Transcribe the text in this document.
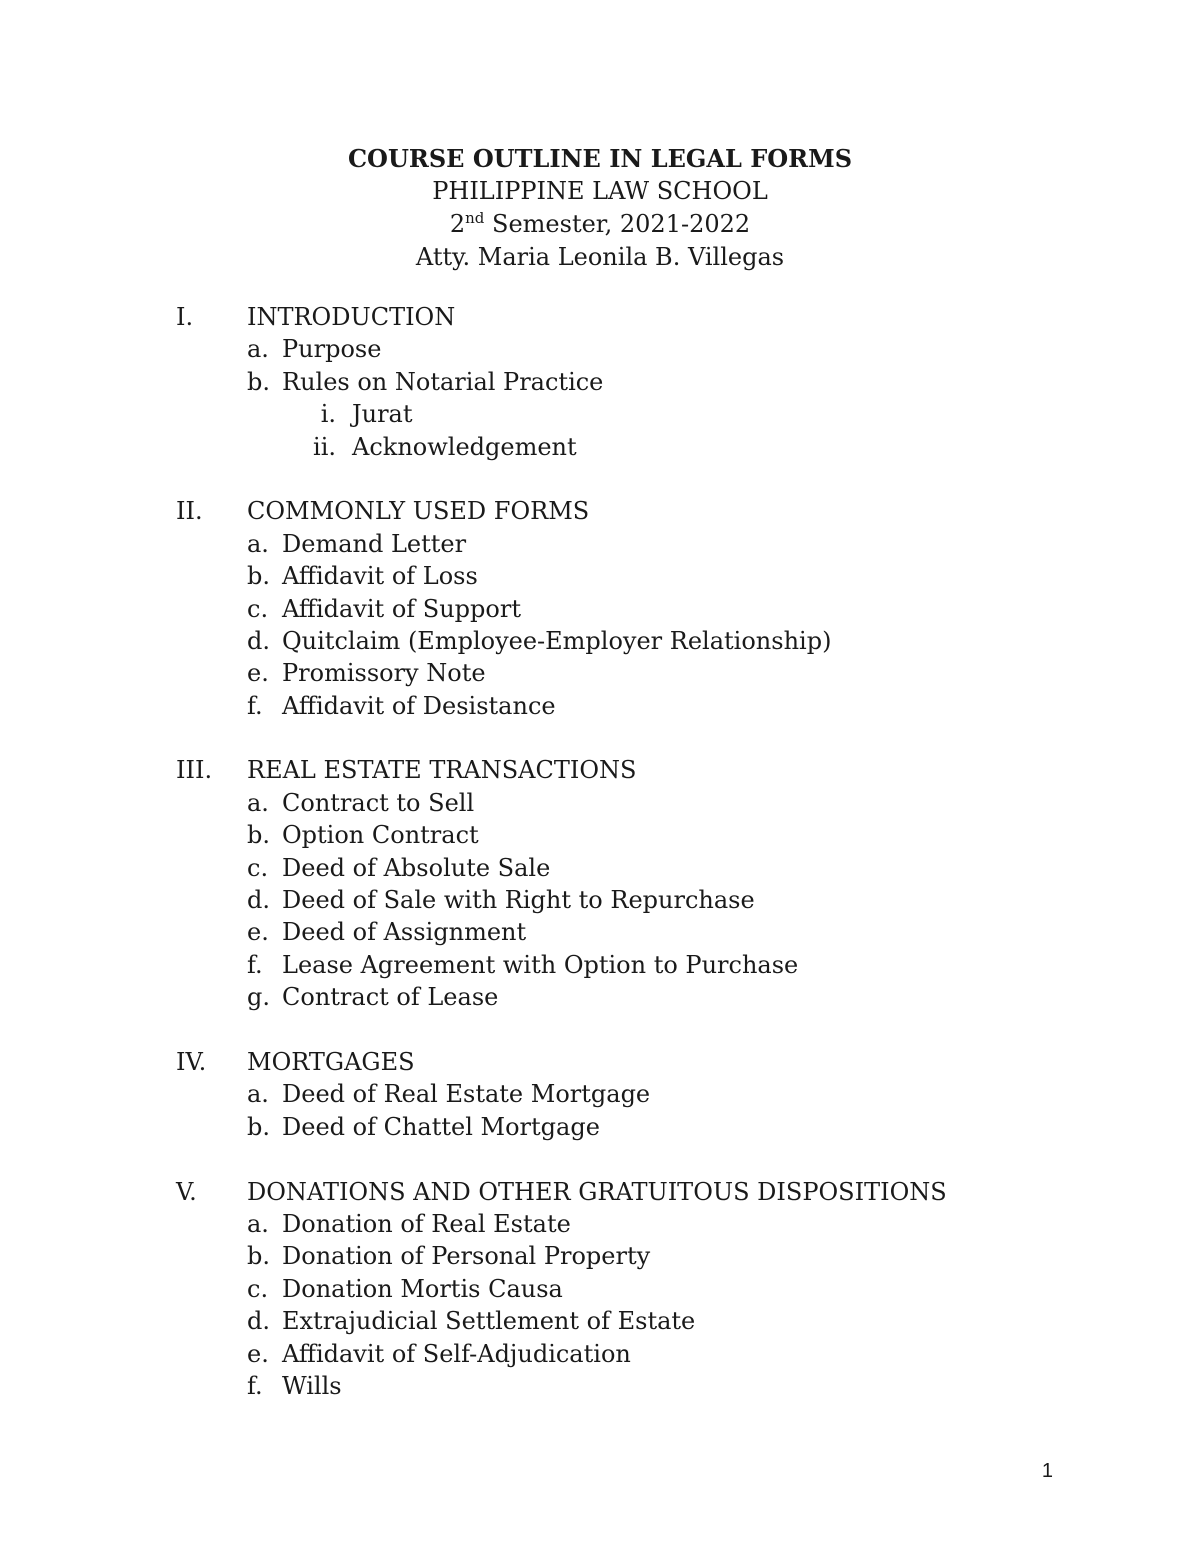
COURSE OUTLINE IN LEGAL FORMS
PHILIPPINE LAW SCHOOL
2nd Semester, 2021-2022
Atty. Maria Leonila B. Villegas
I. INTRODUCTION
a. Purpose
b. Rules on Notarial Practice
i. Jurat
ii. Acknowledgement
II. COMMONLY USED FORMS
a. Demand Letter
b. Affidavit of Loss
c. Affidavit of Support
d. Quitclaim (Employee-Employer Relationship)
e. Promissory Note
f. Affidavit of Desistance
III. REAL ESTATE TRANSACTIONS
a. Contract to Sell
b. Option Contract
c. Deed of Absolute Sale
d. Deed of Sale with Right to Repurchase
e. Deed of Assignment
f. Lease Agreement with Option to Purchase
g. Contract of Lease
IV. MORTGAGES
a. Deed of Real Estate Mortgage
b. Deed of Chattel Mortgage
V. DONATIONS AND OTHER GRATUITOUS DISPOSITIONS
a. Donation of Real Estate
b. Donation of Personal Property
c. Donation Mortis Causa
d. Extrajudicial Settlement of Estate
e. Affidavit of Self-Adjudication
f. Wills
1
